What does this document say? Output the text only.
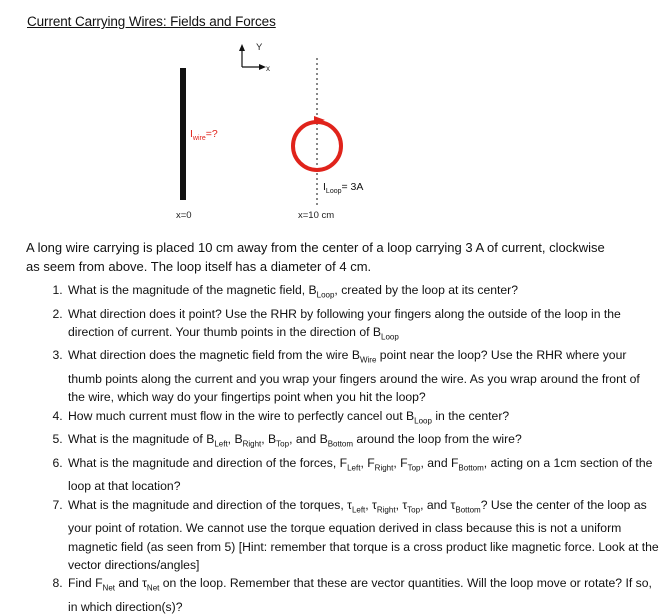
Current Carrying Wires: Fields and Forces
Y
x
$I_{wire}=$?
$I_{Loop}= 3A$
x=0	x=10 cm
A long wire carrying is placed 10 cm away from the center of a loop carrying 3 A of current, clockwise as seem from above. The loop itself has a diameter of 4 cm.
1. What is the magnitude of the magnetic field, $B_{Loop}$, created by the loop at its center?
2. What direction does it point? Use the RHR by following your fingers along the outside of the loop in the direction of current. Your thumb points in the direction of $B_{Loop}$
3. What direction does the magnetic field from the wire $B_{Wire}$ point near the loop? Use the RHR where your thumb points along the current and you wrap your fingers around the wire. As you wrap around the front of the wire, which way do your fingertips point when you hit the loop?
4. How much current must flow in the wire to perfectly cancel out $B_{Loop}$ in the center?
5. What is the magnitude of $B_{Left}$, $B_{Right}$, $B_{Top}$, and $B_{Bottom}$ around the loop from the wire?
6. What is the magnitude and direction of the forces, $F_{Left}$, $F_{Right}$, $F_{Top}$, and $F_{Bottom}$, acting on a 1cm section of the loop at that location?
7. What is the magnitude and direction of the torques, $\tau_{Left}$, $\tau_{Right}$, $\tau_{Top}$, and $\tau_{Bottom}$? Use the center of the loop as your point of rotation. We cannot use the torque equation derived in class because this is not a uniform magnetic field (as seen from 5) [Hint: remember that torque is a cross product like magnetic force. Look at the vector directions/angles]
8. Find $F_{Net}$ and $\tau_{Net}$ on the loop. Remember that these are vector quantities. Will the loop move or rotate? If so, in which direction(s)?
